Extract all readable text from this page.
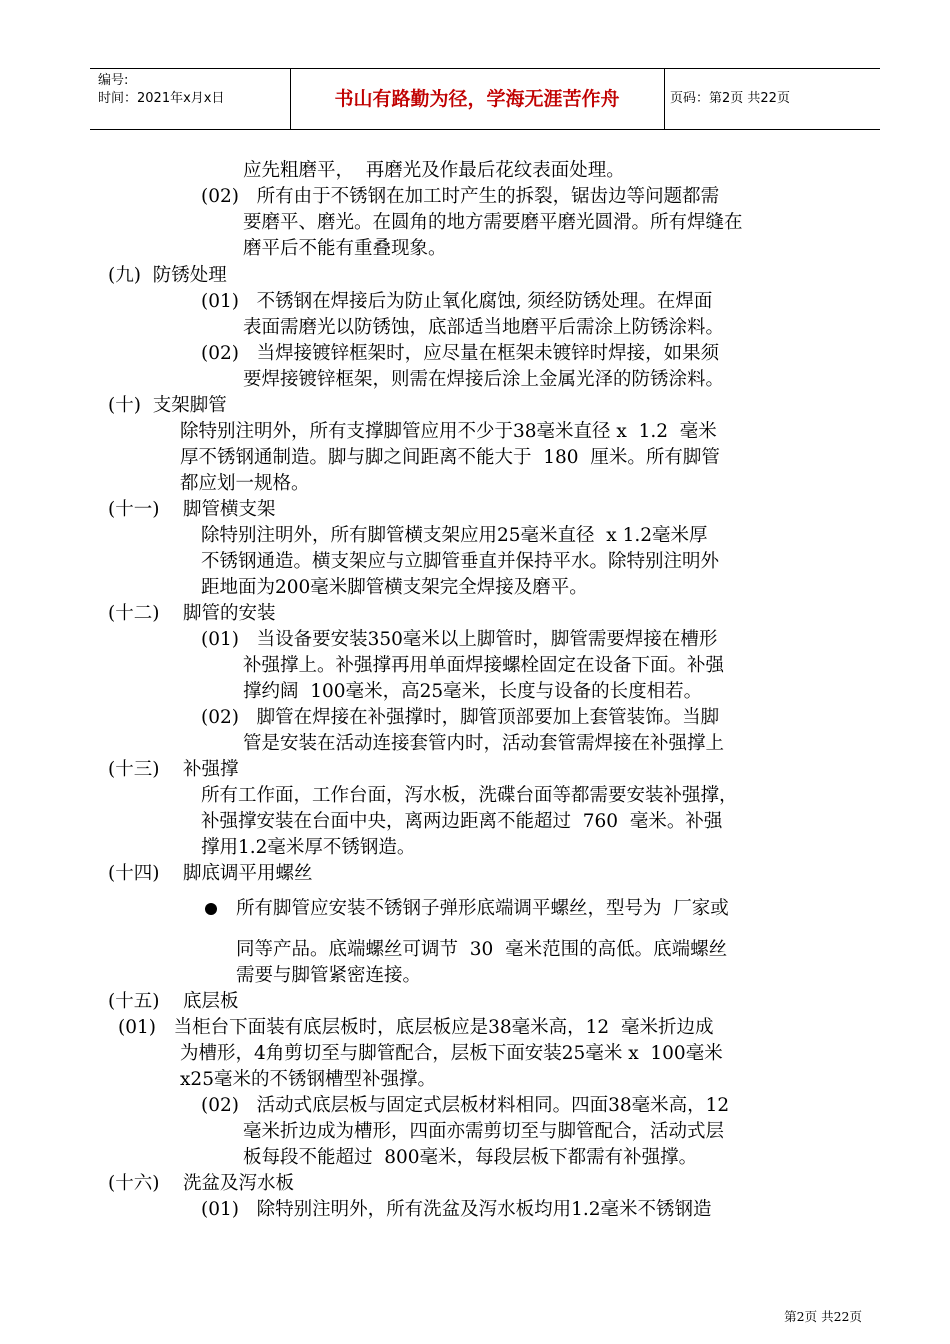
编号:
时间：2021年x月x日	书山有路勤为径，学海无涯苦作舟	页码：第2页 共22页
应先粗磨平，  再磨光及作最后花纹表面处理。
(02)   所有由于不锈钢在加工时产生的拆裂，锯齿边等问题都需
要磨平、磨光。在圆角的地方需要磨平磨光圆滑。所有焊缝在
磨平后不能有重叠现象。
(九)  防锈处理
(01)   不锈钢在焊接后为防止氧化腐蚀, 须经防锈处理。在焊面
表面需磨光以防锈蚀，底部适当地磨平后需涂上防锈涂料。
(02)   当焊接镀锌框架时，应尽量在框架未镀锌时焊接，如果须
要焊接镀锌框架，则需在焊接后涂上金属光泽的防锈涂料。
(十)  支架脚管
除特别注明外，所有支撑脚管应用不少于38毫米直径 x  1.2  毫米
厚不锈钢通制造。脚与脚之间距离不能大于  180  厘米。所有脚管
都应划一规格。
(十一)    脚管横支架
除特别注明外，所有脚管横支架应用25毫米直径  x 1.2毫米厚
不锈钢通造。横支架应与立脚管垂直并保持平水。除特别注明外
距地面为200毫米脚管横支架完全焊接及磨平。
(十二)    脚管的安装
(01)   当设备要安装350毫米以上脚管时，脚管需要焊接在槽形
补强撑上。补强撑再用单面焊接螺栓固定在设备下面。补强
撑约阔  100毫米，高25毫米，长度与设备的长度相若。
(02)   脚管在焊接在补强撑时，脚管顶部要加上套管装饰。当脚
管是安装在活动连接套管内时，活动套管需焊接在补强撑上
(十三)    补强撑
所有工作面，工作台面，泻水板，洗碟台面等都需要安装补强撑，
补强撑安装在台面中央，离两边距离不能超过  760  毫米。补强
撑用1.2毫米厚不锈钢造。
(十四)    脚底调平用螺丝
所有脚管应安装不锈钢子弹形底端调平螺丝，型号为  厂家或
同等产品。底端螺丝可调节  30  毫米范围的高低。底端螺丝
需要与脚管紧密连接。
(十五)    底层板
(01)   当柜台下面装有底层板时，底层板应是38毫米高，12  毫米折边成
为槽形，4角剪切至与脚管配合，层板下面安装25毫米 x  100毫米
x25毫米的不锈钢槽型补强撑。
(02)   活动式底层板与固定式层板材料相同。四面38毫米高，12
毫米折边成为槽形，四面亦需剪切至与脚管配合，活动式层
板每段不能超过  800毫米，每段层板下都需有补强撑。
(十六)    洗盆及泻水板
(01)   除特别注明外，所有洗盆及泻水板均用1.2毫米不锈钢造
第2页 共22页
